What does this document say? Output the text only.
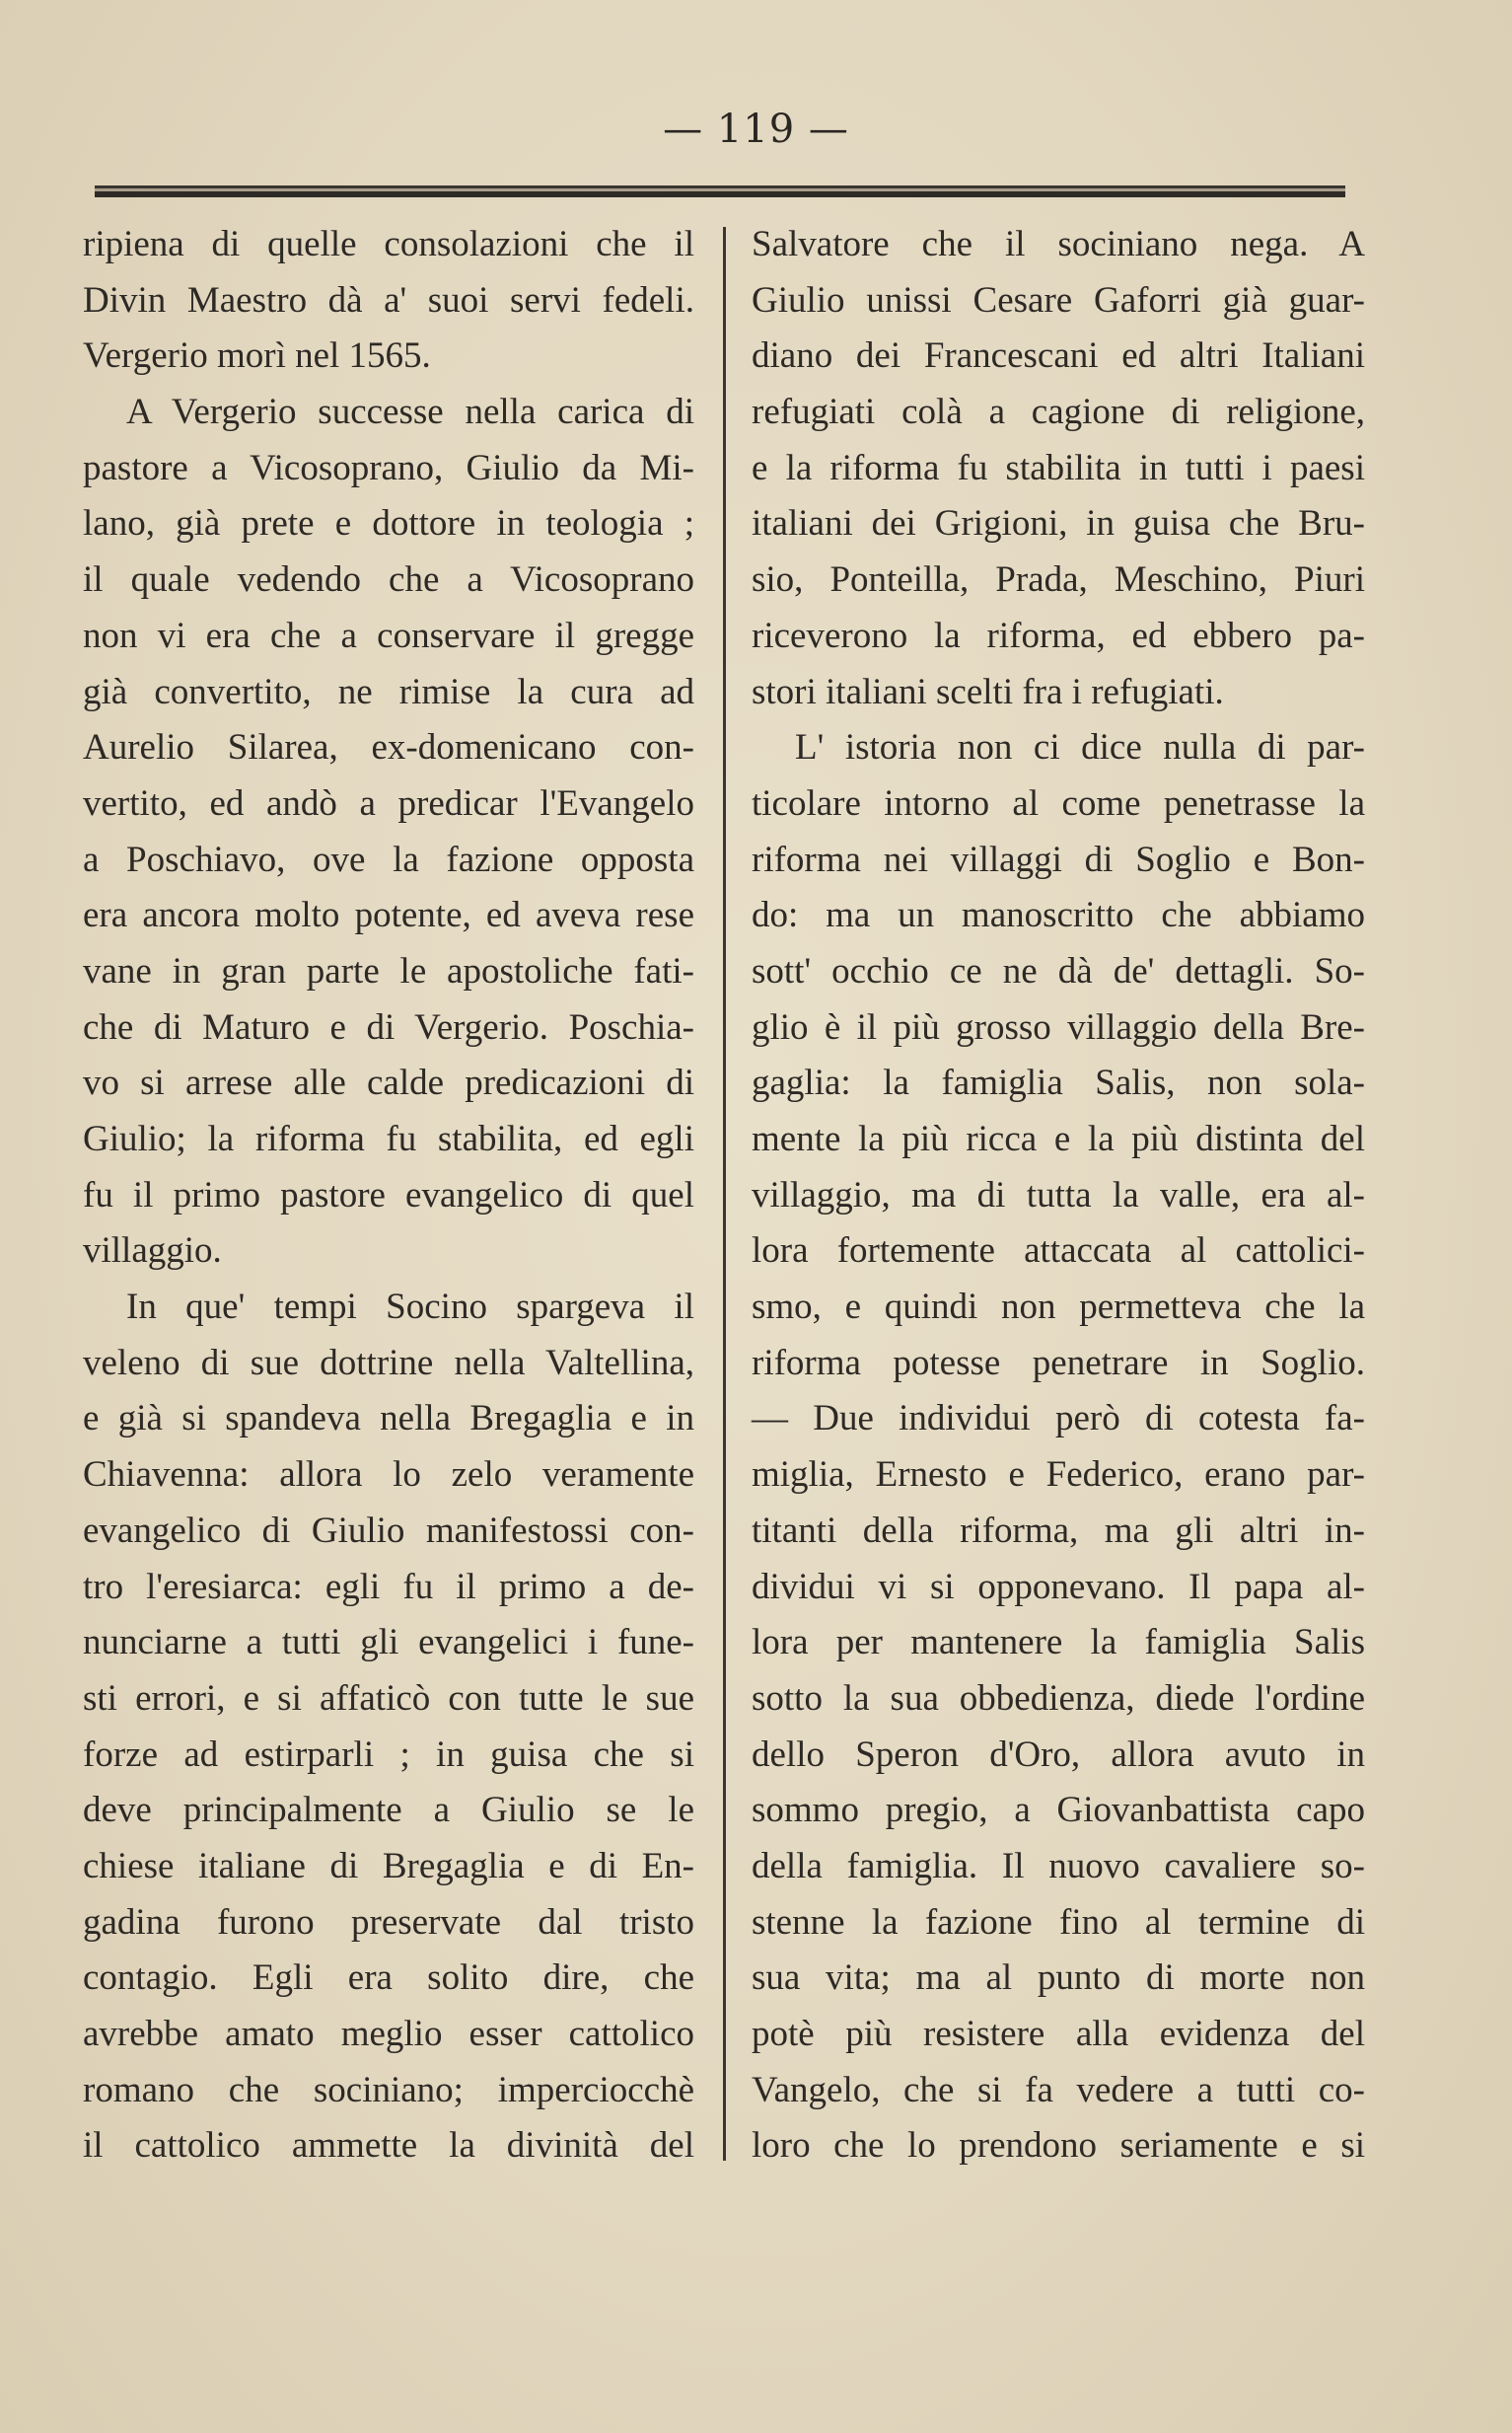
— 119 —
ripiena di quelle consolazioni che il
Divin Maestro dà a' suoi servi fedeli.
Vergerio morì nel 1565.
A Vergerio successe nella carica di
pastore a Vicosoprano, Giulio da Mi-
lano, già prete e dottore in teologia ;
il quale vedendo che a Vicosoprano
non vi era che a conservare il gregge
già convertito, ne rimise la cura ad
Aurelio Silarea, ex-domenicano con-
vertito, ed andò a predicar l'Evangelo
a Poschiavo, ove la fazione opposta
era ancora molto potente, ed aveva rese
vane in gran parte le apostoliche fati-
che di Maturo e di Vergerio. Poschia-
vo si arrese alle calde predicazioni di
Giulio; la riforma fu stabilita, ed egli
fu il primo pastore evangelico di quel
villaggio.
In que' tempi Socino spargeva il
veleno di sue dottrine nella Valtellina,
e già si spandeva nella Bregaglia e in
Chiavenna: allora lo zelo veramente
evangelico di Giulio manifestossi con-
tro l'eresiarca: egli fu il primo a de-
nunciarne a tutti gli evangelici i fune-
sti errori, e si affaticò con tutte le sue
forze ad estirparli ; in guisa che si
deve principalmente a Giulio se le
chiese italiane di Bregaglia e di En-
gadina furono preservate dal tristo
contagio. Egli era solito dire, che
avrebbe amato meglio esser cattolico
romano che sociniano; imperciocchè
il cattolico ammette la divinità del
Salvatore che il sociniano nega. A
Giulio unissi Cesare Gaforri già guar-
diano dei Francescani ed altri Italiani
refugiati colà a cagione di religione,
e la riforma fu stabilita in tutti i paesi
italiani dei Grigioni, in guisa che Bru-
sio, Ponteilla, Prada, Meschino, Piuri
riceverono la riforma, ed ebbero pa-
stori italiani scelti fra i refugiati.
L' istoria non ci dice nulla di par-
ticolare intorno al come penetrasse la
riforma nei villaggi di Soglio e Bon-
do: ma un manoscritto che abbiamo
sott' occhio ce ne dà de' dettagli. So-
glio è il più grosso villaggio della Bre-
gaglia: la famiglia Salis, non sola-
mente la più ricca e la più distinta del
villaggio, ma di tutta la valle, era al-
lora fortemente attaccata al cattolici-
smo, e quindi non permetteva che la
riforma potesse penetrare in Soglio.
— Due individui però di cotesta fa-
miglia, Ernesto e Federico, erano par-
titanti della riforma, ma gli altri in-
dividui vi si opponevano. Il papa al-
lora per mantenere la famiglia Salis
sotto la sua obbedienza, diede l'ordine
dello Speron d'Oro, allora avuto in
sommo pregio, a Giovanbattista capo
della famiglia. Il nuovo cavaliere so-
stenne la fazione fino al termine di
sua vita; ma al punto di morte non
potè più resistere alla evidenza del
Vangelo, che si fa vedere a tutti co-
loro che lo prendono seriamente e si
